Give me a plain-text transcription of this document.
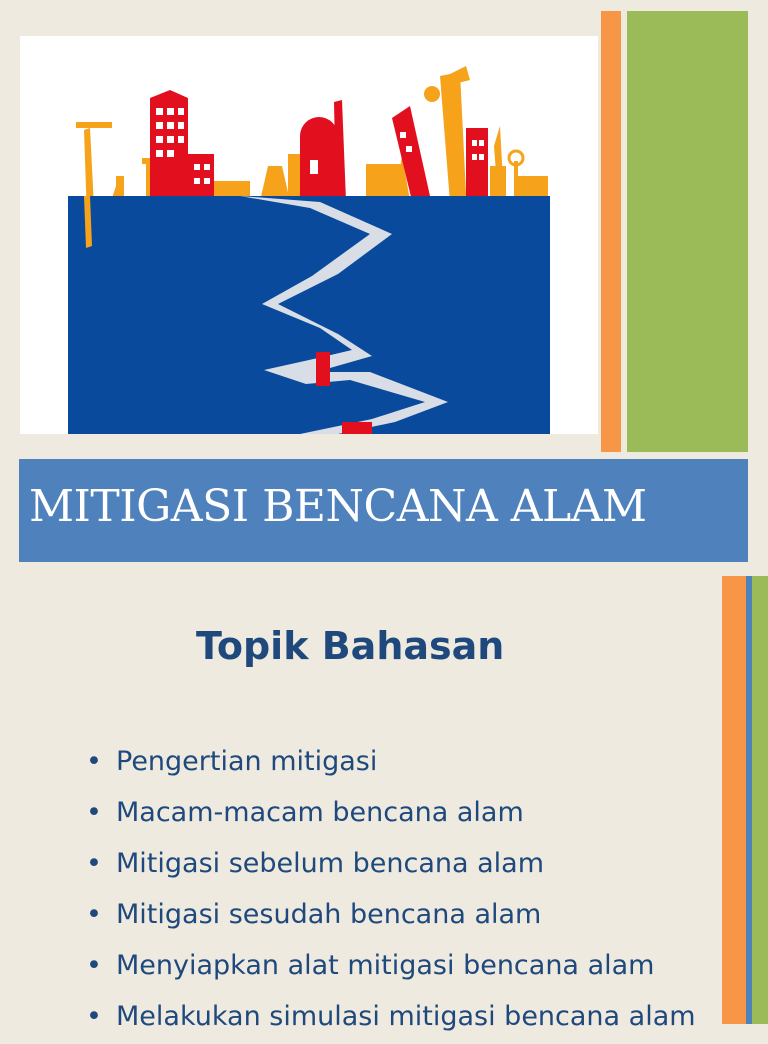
MITIGASI BENCANA ALAM
Topik Bahasan
• Pengertian mitigasi
• Macam-macam bencana alam
• Mitigasi sebelum bencana alam
• Mitigasi sesudah bencana alam
• Menyiapkan alat mitigasi bencana alam
• Melakukan simulasi mitigasi bencana alam
